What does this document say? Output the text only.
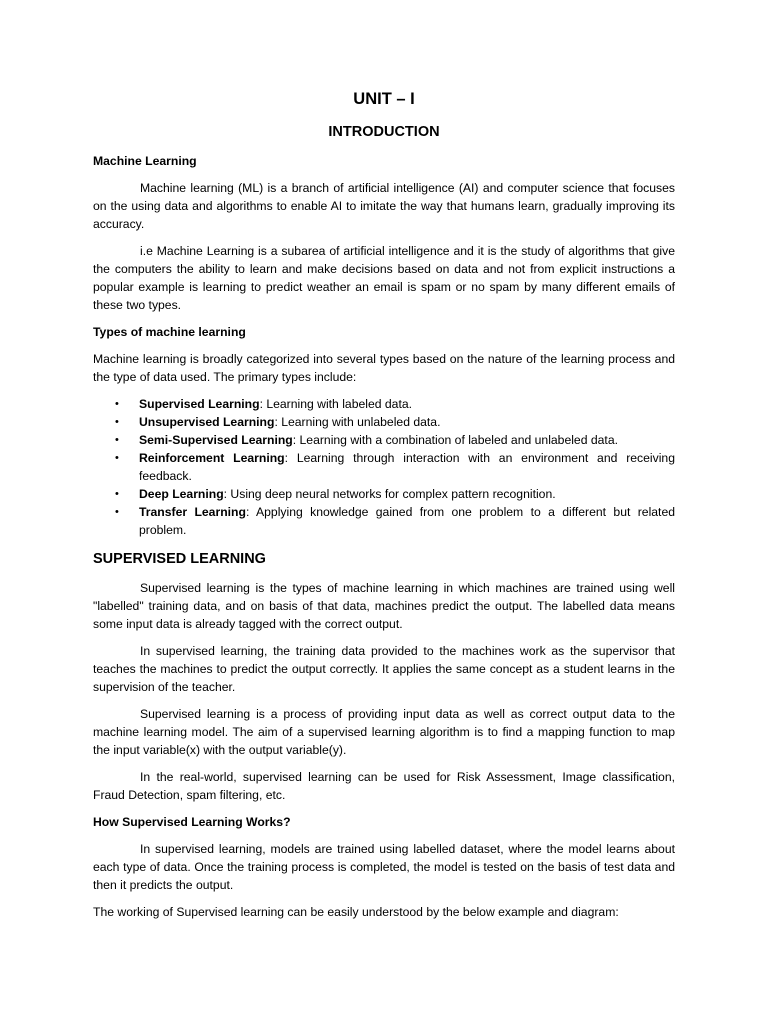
UNIT – I
INTRODUCTION
Machine Learning

Machine learning (ML) is a branch of artificial intelligence (AI) and computer science that focuses on the using data and algorithms to enable AI to imitate the way that humans learn, gradually improving its accuracy.

i.e Machine Learning is a subarea of artificial intelligence and it is the study of algorithms that give the computers the ability to learn and make decisions based on data and not from explicit instructions a popular example is learning to predict weather an email is spam or no spam by many different emails of these two types.

Types of machine learning

Machine learning is broadly categorized into several types based on the nature of the learning process and the type of data used. The primary types include:

• Supervised Learning: Learning with labeled data.
• Unsupervised Learning: Learning with unlabeled data.
• Semi-Supervised Learning: Learning with a combination of labeled and unlabeled data.
• Reinforcement Learning: Learning through interaction with an environment and receiving feedback.
• Deep Learning: Using deep neural networks for complex pattern recognition.
• Transfer Learning: Applying knowledge gained from one problem to a different but related problem.
SUPERVISED LEARNING

Supervised learning is the types of machine learning in which machines are trained using well "labelled" training data, and on basis of that data, machines predict the output. The labelled data means some input data is already tagged with the correct output.

In supervised learning, the training data provided to the machines work as the supervisor that teaches the machines to predict the output correctly. It applies the same concept as a student learns in the supervision of the teacher.

Supervised learning is a process of providing input data as well as correct output data to the machine learning model. The aim of a supervised learning algorithm is to find a mapping function to map the input variable(x) with the output variable(y).

In the real-world, supervised learning can be used for Risk Assessment, Image classification, Fraud Detection, spam filtering, etc.

How Supervised Learning Works?

In supervised learning, models are trained using labelled dataset, where the model learns about each type of data. Once the training process is completed, the model is tested on the basis of test data and then it predicts the output.

The working of Supervised learning can be easily understood by the below example and diagram:
